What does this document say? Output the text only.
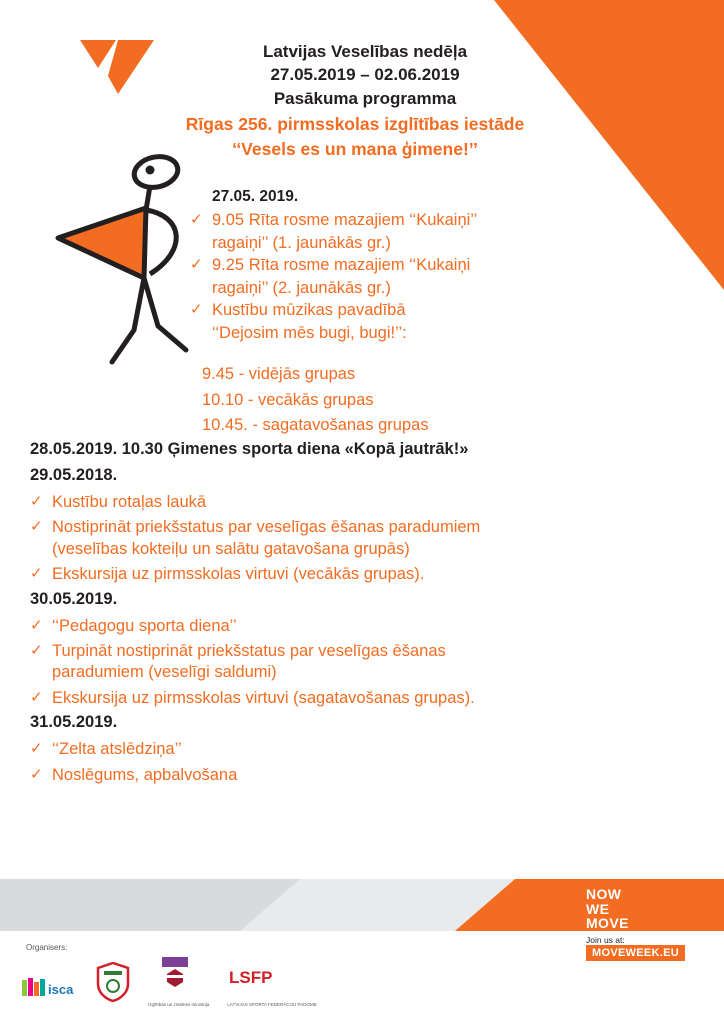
Latvijas Veselības nedēļa
27.05.2019 – 02.06.2019
Pasākuma programma
Rīgas 256. pirmsskolas izglītības iestāde
‘‘Vesels es un mana ģimene!’’
27.05. 2019.
✓ 9.05 Rīta rosme mazajiem ‘‘Kukaiņi’’
ragaiņi’’ (1. jaunākās gr.)
✓ 9.25 Rīta rosme mazajiem ‘‘Kukaiņi
ragaiņi’’ (2. jaunākās gr.)
✓ Kustību mūzikas pavadībā
‘‘Dejosim mēs bugi, bugi!’’:
9.45 - vidējās grupas
10.10 - vecākās grupas
10.45. - sagatavošanas grupas
28.05.2019. 10.30 Ģimenes sporta diena «Kopā jautrāk!»
29.05.2018.
✓ Kustību rotaļas laukā
✓ Nostiprināt priekšstatus par veselīgas ēšanas paradumiem
(veselības kokteiļu un salātu gatavošana grupās)
✓ Ekskursija uz pirmsskolas virtuvi (vecākās grupas).
30.05.2019.
✓ ‘‘Pedagogu sporta diena’’
✓ Turpināt nostiprināt priekšstatus par veselīgas ēšanas
paradumiem (veselīgi saldumi)
✓ Ekskursija uz pirmsskolas virtuvi (sagatavošanas grupas).
31.05.2019.
✓ ‘‘Zelta atslēdziņa’’
✓ Noslēgums, apbalvošana
NOW
WE
MOVE
Join us at:
MOVEWEEK.EU
Organisers:
isca
Izglītības un zinātnes ministrija
LSFP
LATVIJAS SPORTA FEDERĀCIJU PADOME
